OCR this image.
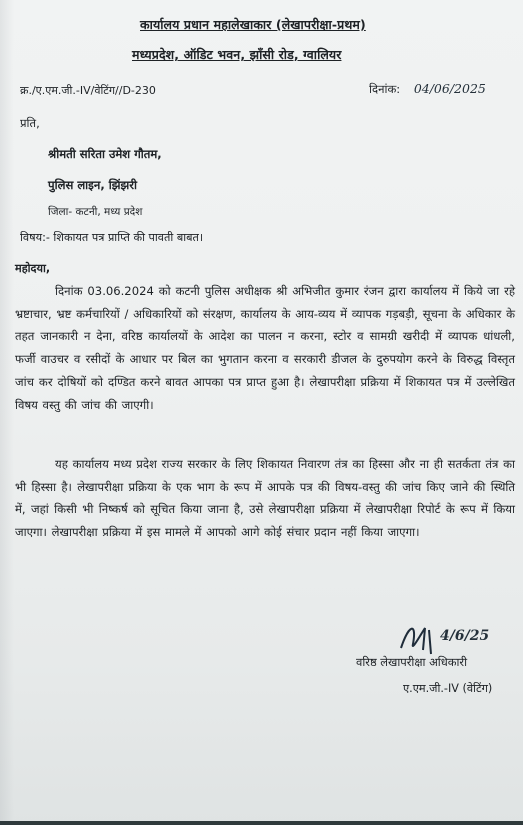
कार्यालय प्रधान महालेखाकार (लेखापरीक्षा-प्रथम)
मध्यप्रदेश, ऑडिट भवन, झाँसी रोड, ग्वालियर
क्र./ए.एम.जी.-IV/वेटिंग//D-230	दिनांक: 04/06/2025
प्रति,
श्रीमती सरिता उमेश गौतम,
पुलिस लाइन, झिंझरी
जिला- कटनी, मध्य प्रदेश
विषय:- शिकायत पत्र प्राप्ति की पावती बाबत।
महोदया,
दिनांक 03.06.2024 को कटनी पुलिस अधीक्षक श्री अभिजीत कुमार रंजन द्वारा कार्यालय में किये जा रहे भ्रष्टाचार, भ्रष्ट कर्मचारियों / अधिकारियों को संरक्षण, कार्यालय के आय-व्यय में व्यापक गड़बड़ी, सूचना के अधिकार के तहत जानकारी न देना, वरिष्ठ कार्यालयों के आदेश का पालन न करना, स्टोर व सामग्री खरीदी में व्यापक धांधली, फर्जी वाउचर व रसीदों के आधार पर बिल का भुगतान करना व सरकारी डीजल के दुरुपयोग करने के विरुद्ध विस्तृत जांच कर दोषियों को दण्डित करने बावत आपका पत्र प्राप्त हुआ है। लेखापरीक्षा प्रक्रिया में शिकायत पत्र में उल्लेखित विषय वस्तु की जांच की जाएगी।
यह कार्यालय मध्य प्रदेश राज्य सरकार के लिए शिकायत निवारण तंत्र का हिस्सा और ना ही सतर्कता तंत्र का भी हिस्सा है। लेखापरीक्षा प्रक्रिया के एक भाग के रूप में आपके पत्र की विषय-वस्तु की जांच किए जाने की स्थिति में, जहां किसी भी निष्कर्ष को सूचित किया जाना है, उसे लेखापरीक्षा प्रक्रिया में लेखापरीक्षा रिपोर्ट के रूप में किया जाएगा। लेखापरीक्षा प्रक्रिया में इस मामले में आपको आगे कोई संचार प्रदान नहीं किया जाएगा।
4/6/25
वरिष्ठ लेखापरीक्षा अधिकारी
ए.एम.जी.-IV (वेटिंग)
